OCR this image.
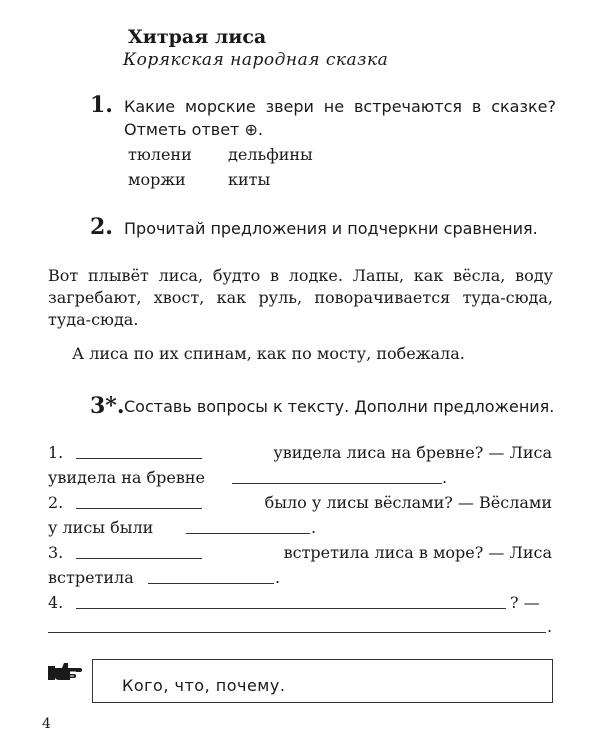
Хитрая лиса
Корякская народная сказка
1. Какие морские звери не встречаются в сказке? Отметь ответ ⊕.
тюлени дельфины
моржи	киты
2. Прочитай предложения и подчеркни сравнения.
Вот плывёт лиса, будто в лодке. Лапы, как вёсла, воду загребают, хвост, как руль, поворачивается туда-сюда, туда-сюда.
А лиса по их спинам, как по мосту, побежала.
3*. Составь вопросы к тексту. Дополни предложения.
1.	увидела лиса на бревне? — Лиса
увидела на бревне	.
2.	было у лисы вёслами? — Вёслами
у лисы были	.
3.	встретила лиса в море? — Лиса
встретила	.
4.	? —
.
Кого, что, почему.
4
